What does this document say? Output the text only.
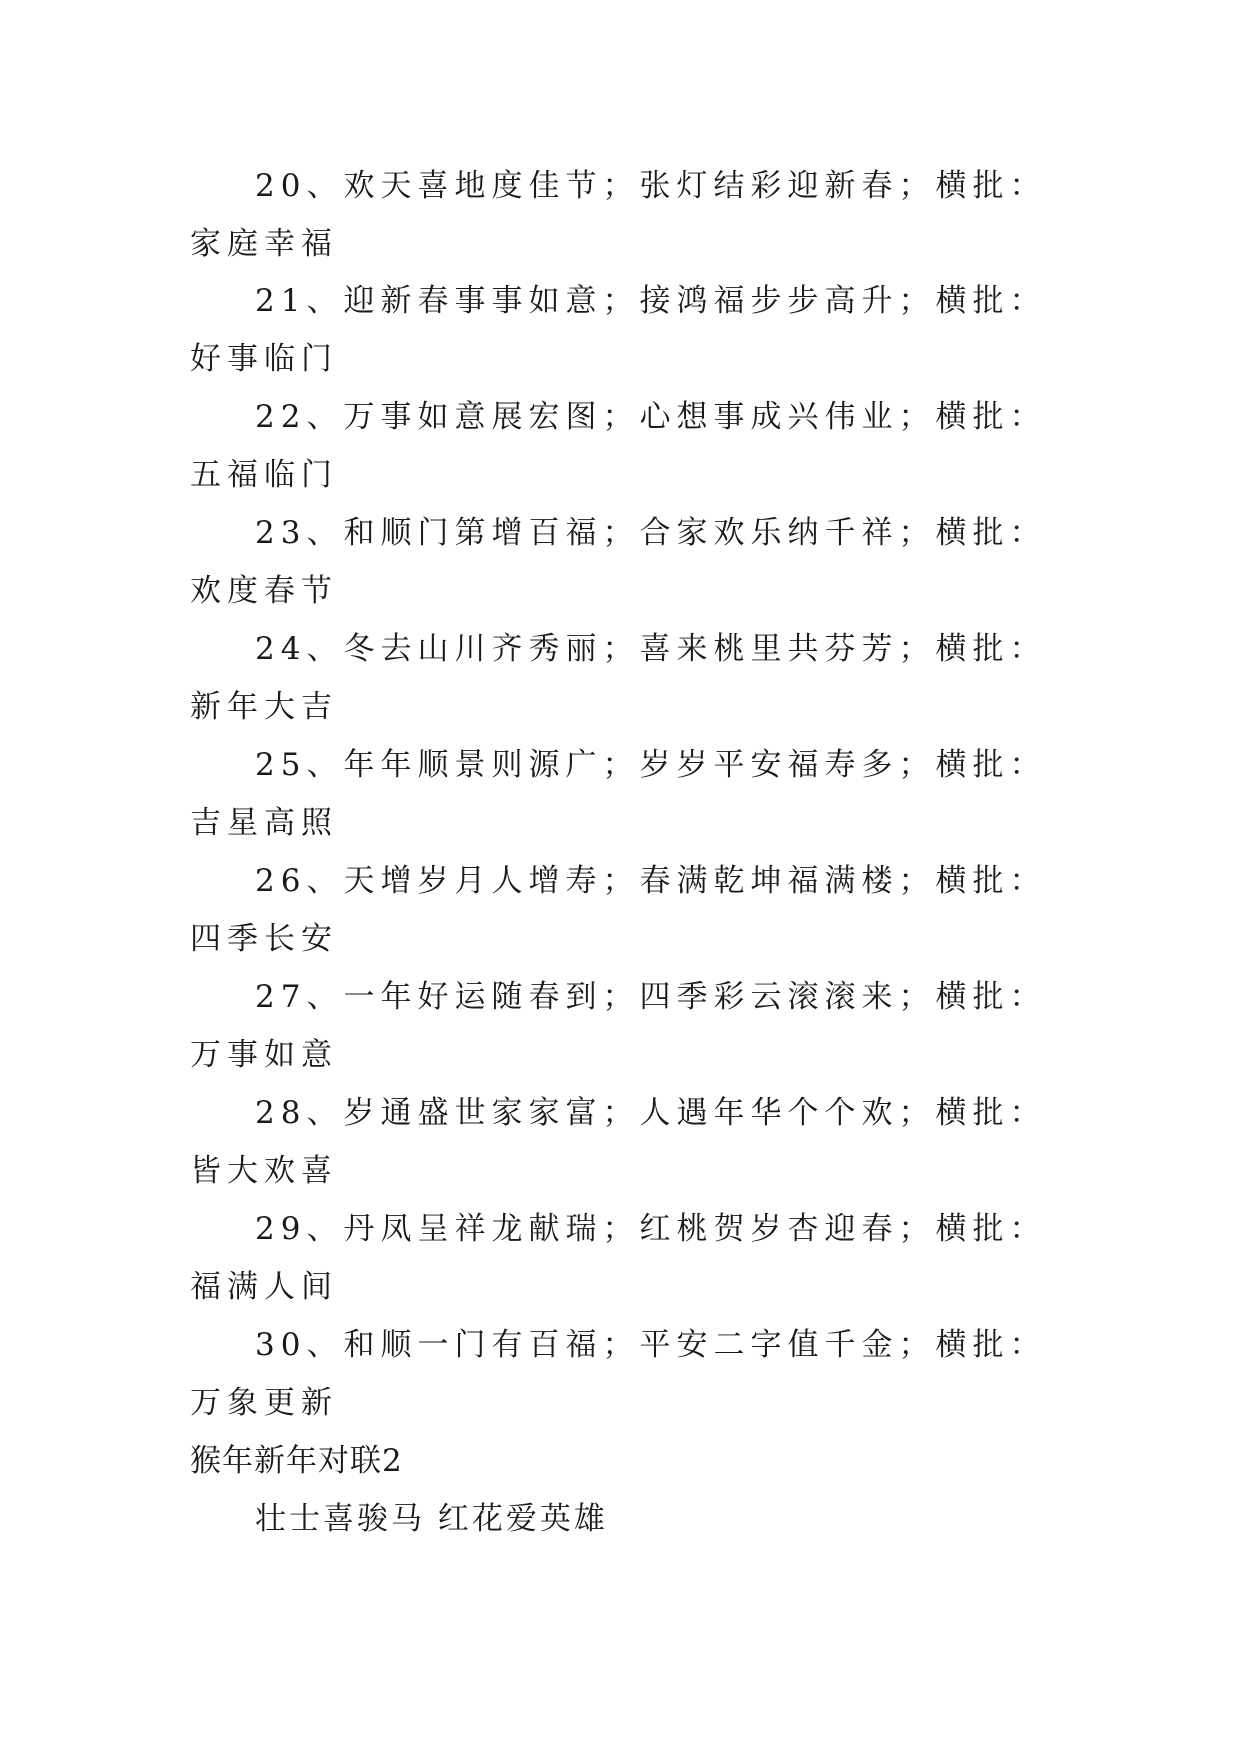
20、欢天喜地度佳节；张灯结彩迎新春；横批：家庭幸福

21、迎新春事事如意；接鸿福步步高升；横批：好事临门

22、万事如意展宏图；心想事成兴伟业；横批：五福临门

23、和顺门第增百福；合家欢乐纳千祥；横批：欢度春节

24、冬去山川齐秀丽；喜来桃里共芬芳；横批：新年大吉

25、年年顺景则源广；岁岁平安福寿多；横批：吉星高照

26、天增岁月人增寿；春满乾坤福满楼；横批：四季长安

27、一年好运随春到；四季彩云滚滚来；横批：万事如意

28、岁通盛世家家富；人遇年华个个欢；横批：皆大欢喜

29、丹凤呈祥龙献瑞；红桃贺岁杏迎春；横批：福满人间

30、和顺一门有百福；平安二字值千金；横批：万象更新

猴年新年对联2
壮士喜骏马 红花爱英雄
